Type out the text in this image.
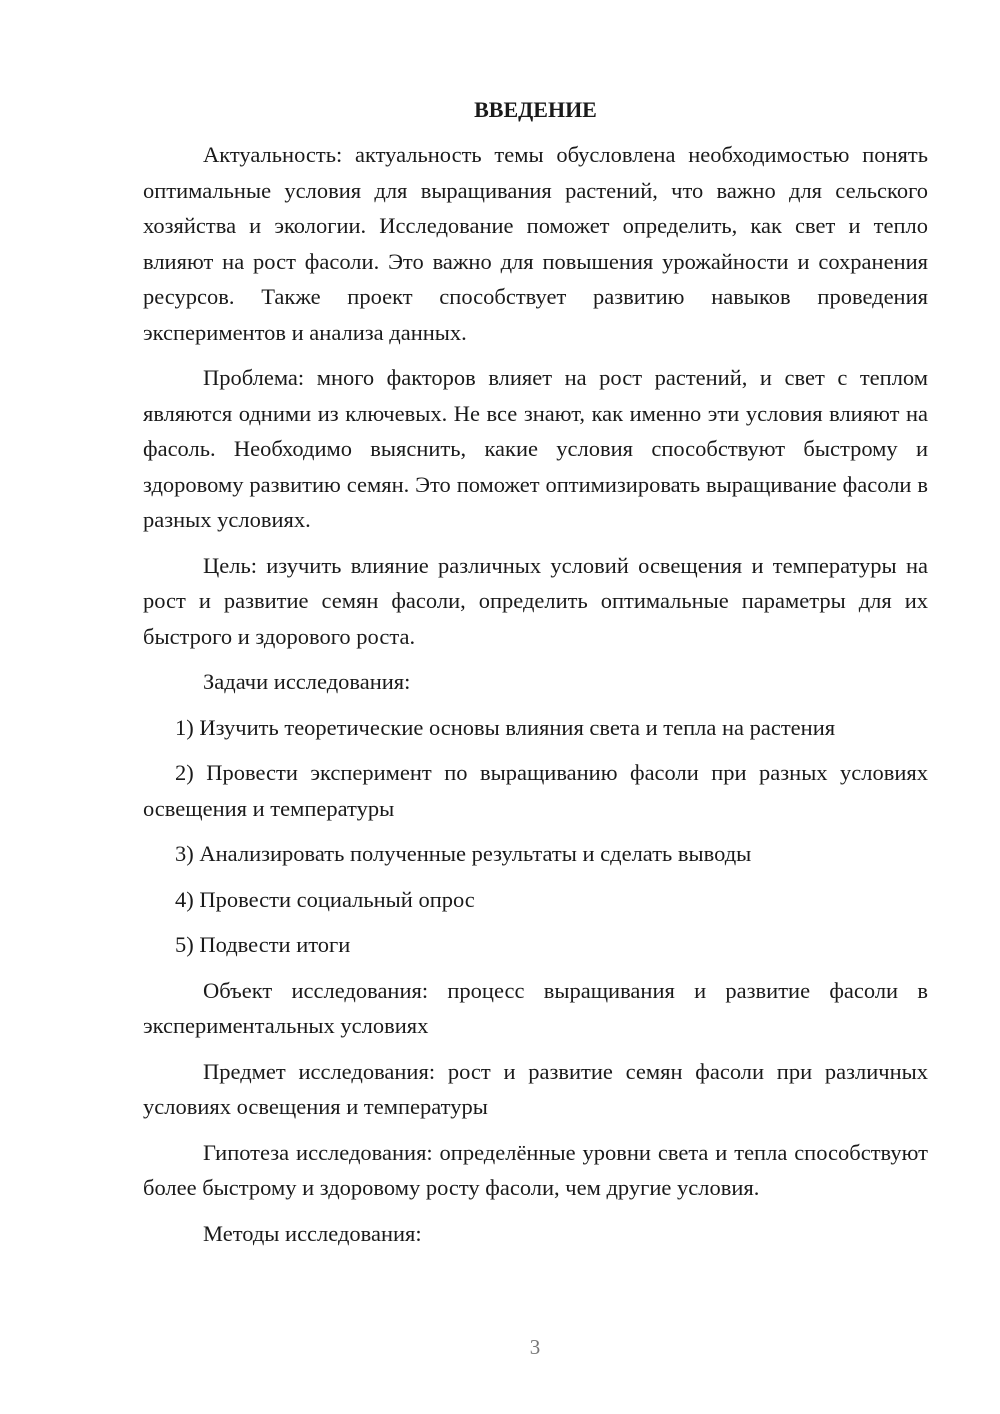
ВВЕДЕНИЕ

Актуальность: актуальность темы обусловлена необходимостью понять оптимальные условия для выращивания растений, что важно для сельского хозяйства и экологии. Исследование поможет определить, как свет и тепло влияют на рост фасоли. Это важно для повышения урожайности и сохранения ресурсов. Также проект способствует развитию навыков проведения экспериментов и анализа данных.

Проблема: много факторов влияет на рост растений, и свет с теплом являются одними из ключевых. Не все знают, как именно эти условия влияют на фасоль. Необходимо выяснить, какие условия способствуют быстрому и здоровому развитию семян. Это поможет оптимизировать выращивание фасоли в разных условиях.

Цель: изучить влияние различных условий освещения и температуры на рост и развитие семян фасоли, определить оптимальные параметры для их быстрого и здорового роста.

Задачи исследования:

1) Изучить теоретические основы влияния света и тепла на растения

2) Провести эксперимент по выращиванию фасоли при разных условиях освещения и температуры

3) Анализировать полученные результаты и сделать выводы

4) Провести социальный опрос

5) Подвести итоги

Объект исследования: процесс выращивания и развитие фасоли в экспериментальных условиях

Предмет исследования: рост и развитие семян фасоли при различных условиях освещения и температуры

Гипотеза исследования: определённые уровни света и тепла способствуют более быстрому и здоровому росту фасоли, чем другие условия.

Методы исследования:

3
